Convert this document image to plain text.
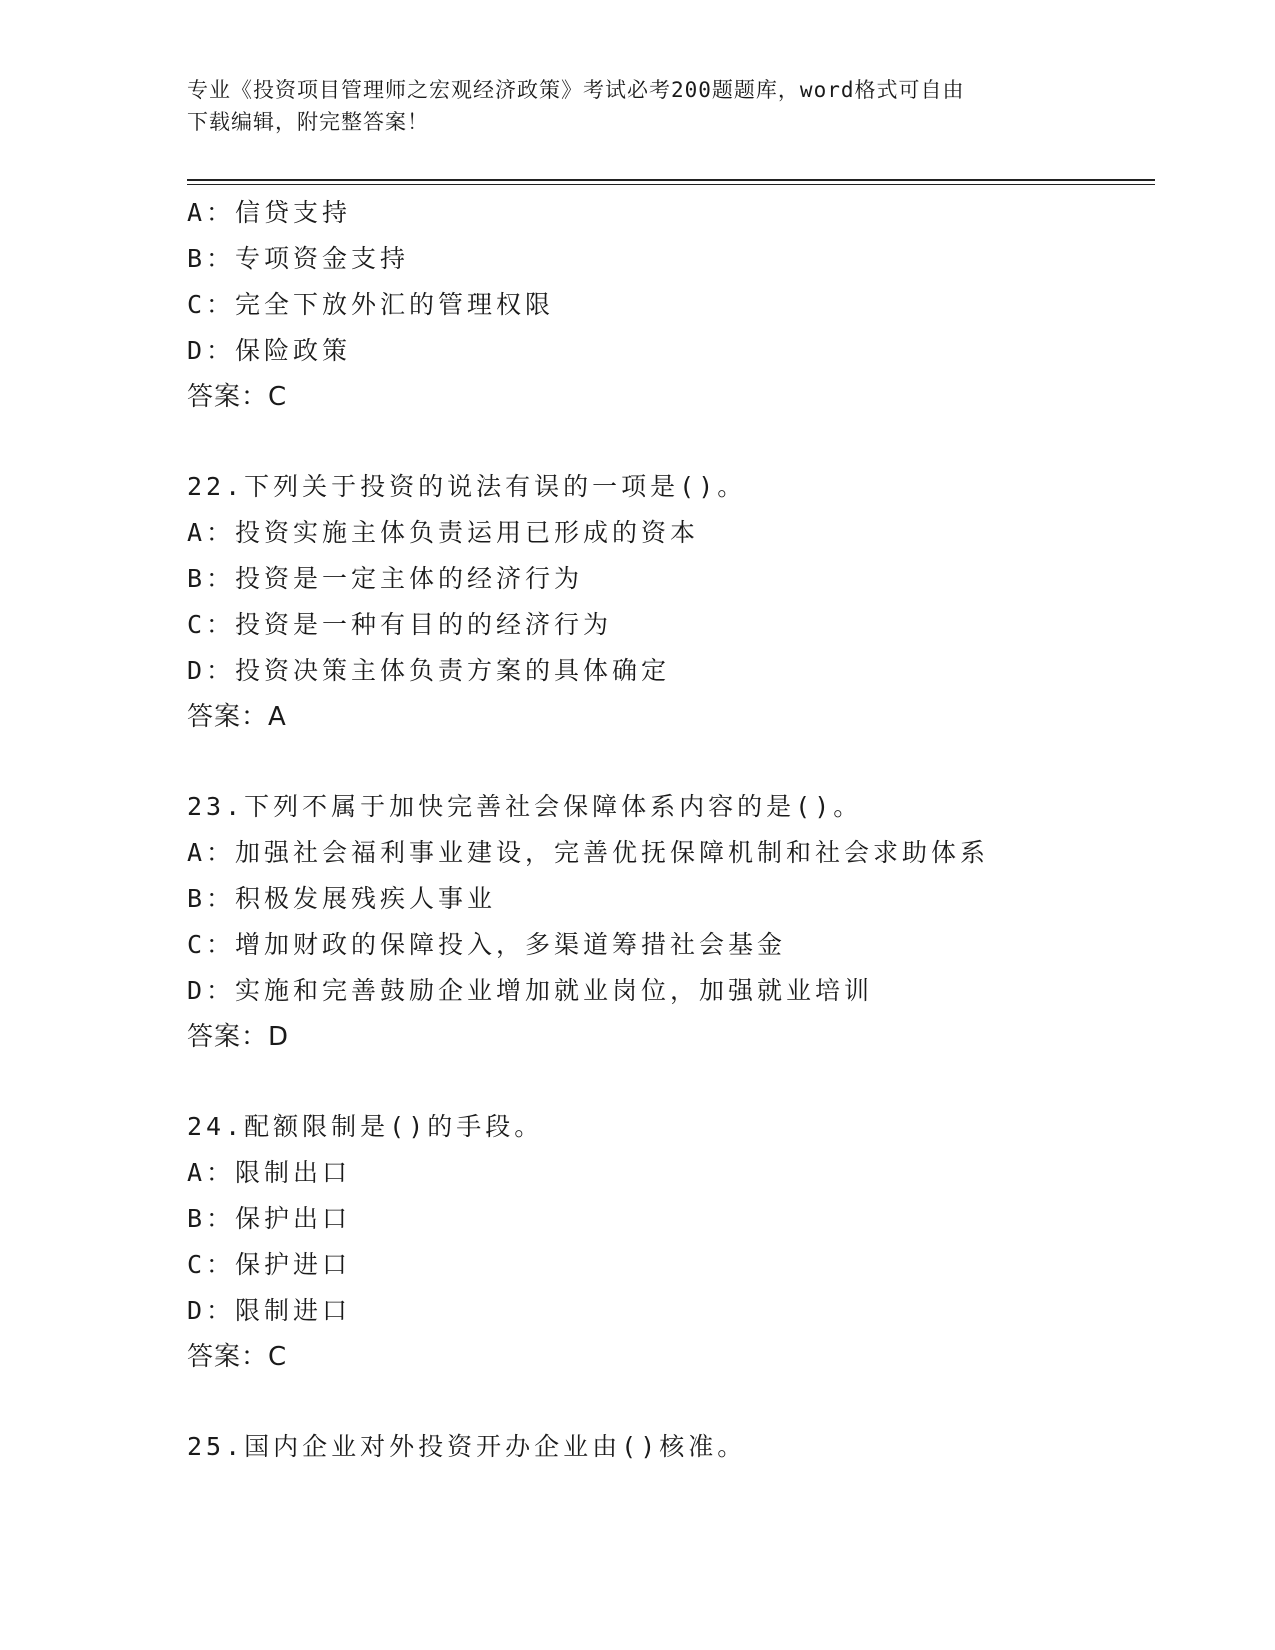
专业《投资项目管理师之宏观经济政策》考试必考200题题库，word格式可自由
下载编辑，附完整答案！
A：信贷支持
B：专项资金支持
C：完全下放外汇的管理权限
D：保险政策
答案：C
22.下列关于投资的说法有误的一项是()。
A：投资实施主体负责运用已形成的资本
B：投资是一定主体的经济行为
C：投资是一种有目的的经济行为
D：投资决策主体负责方案的具体确定
答案：A
23.下列不属于加快完善社会保障体系内容的是()。
A：加强社会福利事业建设，完善优抚保障机制和社会求助体系
B：积极发展残疾人事业
C：增加财政的保障投入，多渠道筹措社会基金
D：实施和完善鼓励企业增加就业岗位，加强就业培训
答案：D
24.配额限制是()的手段。
A：限制出口
B：保护出口
C：保护进口
D：限制进口
答案：C
25.国内企业对外投资开办企业由()核准。
